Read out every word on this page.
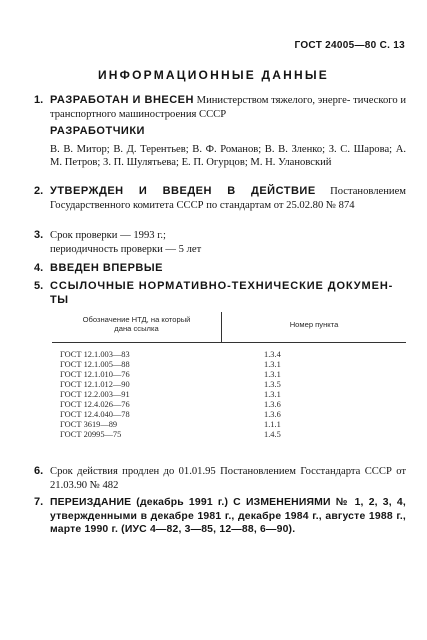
ГОСТ 24005—80 С. 13
ИНФОРМАЦИОННЫЕ ДАННЫЕ
1. РАЗРАБОТАН И ВНЕСЕН Министерством тяжелого, энерге- тического и транспортного машиностроения СССР
РАЗРАБОТЧИКИ
В. В. Митор; В. Д. Терентьев; В. Ф. Романов; В. В. Зленко; З. С. Шарова; А. М. Петров; З. П. Шулятьева; Е. П. Огурцов; М. Н. Улановский
2. УТВЕРЖДЕН И ВВЕДЕН В ДЕЙСТВИЕ Постановлением Государственного комитета СССР по стандартам от 25.02.80 № 874
3. Срок проверки — 1993 г.;
периодичность проверки — 5 лет
4. ВВЕДЕН ВПЕРВЫЕ
5. ССЫЛОЧНЫЕ НОРМАТИВНО-ТЕХНИЧЕСКИЕ ДОКУМЕН-
ТЫ
Обозначение НТД, на который
дана ссылка	Номер пункта
ГОСТ 12.1.003—83	1.3.4
ГОСТ 12.1.005—88	1.3.1
ГОСТ 12.1.010—76	1.3.1
ГОСТ 12.1.012—90	1.3.5
ГОСТ 12.2.003—91	1.3.1
ГОСТ 12.4.026—76	1.3.6
ГОСТ 12.4.040—78	1.3.6
ГОСТ 3619—89	1.1.1
ГОСТ 20995—75	1.4.5
6. Срок действия продлен до 01.01.95 Постановлением Госстандарта СССР от 21.03.90 № 482
7. ПЕРЕИЗДАНИЕ (декабрь 1991 г.) С ИЗМЕНЕНИЯМИ № 1, 2, 3, 4, утвержденными в декабре 1981 г., декабре 1984 г., августе 1988 г., марте 1990 г. (ИУС 4—82, 3—85, 12—88, 6—90).
